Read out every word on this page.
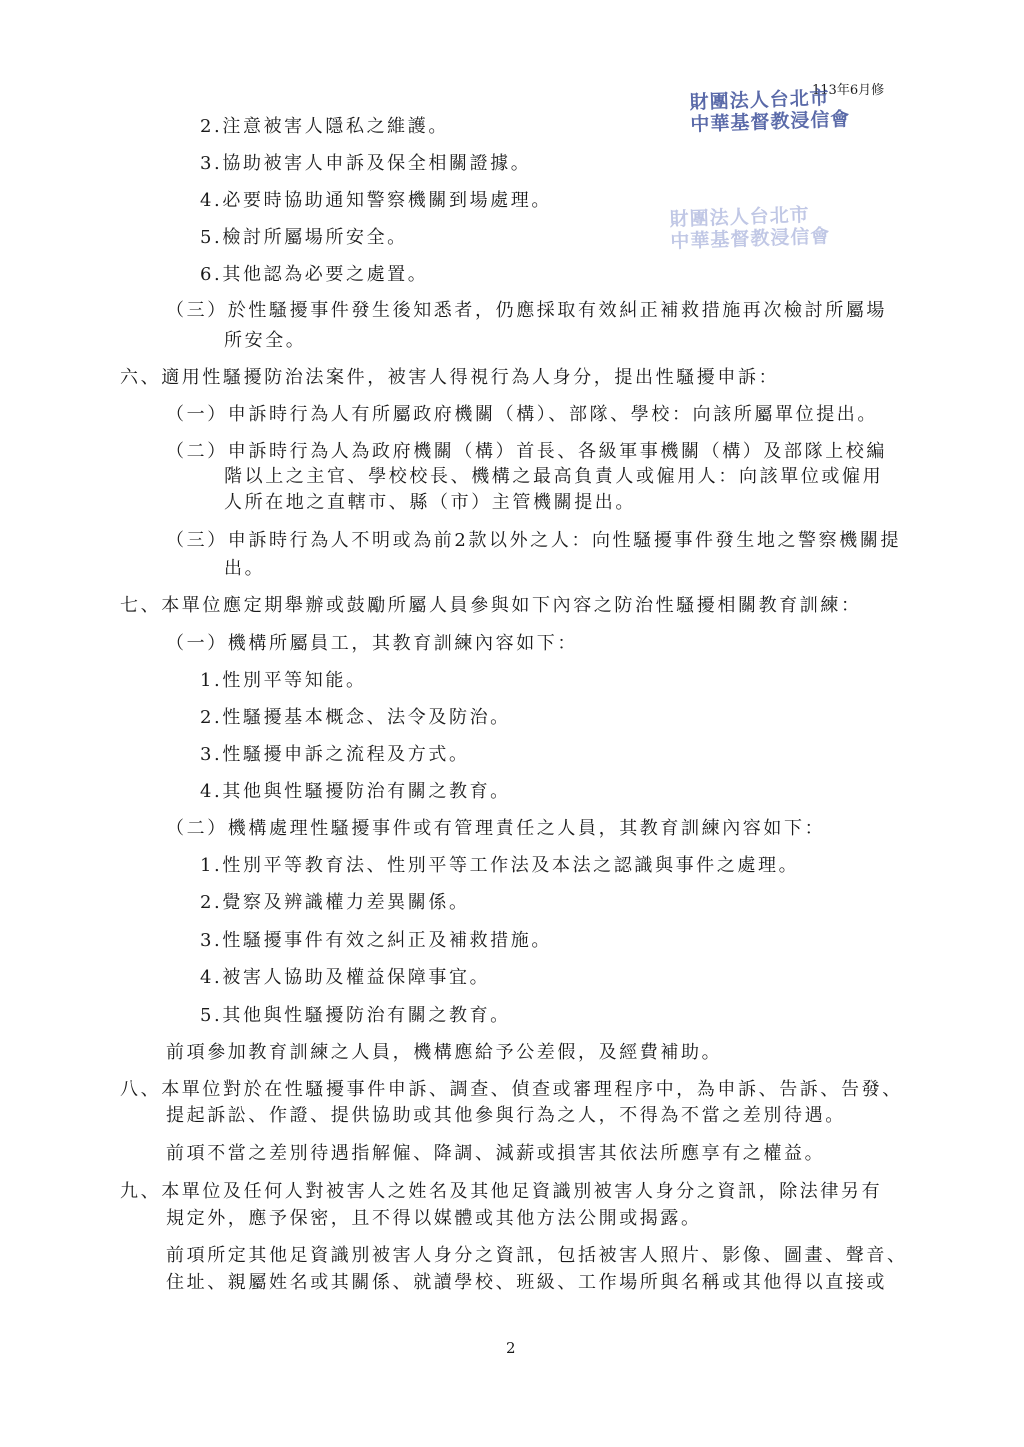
113年6月修
財團法人台北市
中華基督教浸信會
財團法人台北市
中華基督教浸信會
2.注意被害人隱私之維護。
3.協助被害人申訴及保全相關證據。
4.必要時協助通知警察機關到場處理。
5.檢討所屬場所安全。
6.其他認為必要之處置。
（三）於性騷擾事件發生後知悉者，仍應採取有效糾正補救措施再次檢討所屬場
所安全。
六、適用性騷擾防治法案件，被害人得視行為人身分，提出性騷擾申訴：
（一）申訴時行為人有所屬政府機關（構）、部隊、學校：向該所屬單位提出。
（二）申訴時行為人為政府機關（構）首長、各級軍事機關（構）及部隊上校編
階以上之主官、學校校長、機構之最高負責人或僱用人：向該單位或僱用
人所在地之直轄市、縣（市）主管機關提出。
（三）申訴時行為人不明或為前2款以外之人：向性騷擾事件發生地之警察機關提
出。
七、本單位應定期舉辦或鼓勵所屬人員參與如下內容之防治性騷擾相關教育訓練：
（一）機構所屬員工，其教育訓練內容如下：
1.性別平等知能。
2.性騷擾基本概念、法令及防治。
3.性騷擾申訴之流程及方式。
4.其他與性騷擾防治有關之教育。
（二）機構處理性騷擾事件或有管理責任之人員，其教育訓練內容如下：
1.性別平等教育法、性別平等工作法及本法之認識與事件之處理。
2.覺察及辨識權力差異關係。
3.性騷擾事件有效之糾正及補救措施。
4.被害人協助及權益保障事宜。
5.其他與性騷擾防治有關之教育。
前項參加教育訓練之人員，機構應給予公差假，及經費補助。
八、本單位對於在性騷擾事件申訴、調查、偵查或審理程序中，為申訴、告訴、告發、
提起訴訟、作證、提供協助或其他參與行為之人，不得為不當之差別待遇。
前項不當之差別待遇指解僱、降調、減薪或損害其依法所應享有之權益。
九、本單位及任何人對被害人之姓名及其他足資識別被害人身分之資訊，除法律另有
規定外，應予保密，且不得以媒體或其他方法公開或揭露。
前項所定其他足資識別被害人身分之資訊，包括被害人照片、影像、圖畫、聲音、
住址、親屬姓名或其關係、就讀學校、班級、工作場所與名稱或其他得以直接或
2
